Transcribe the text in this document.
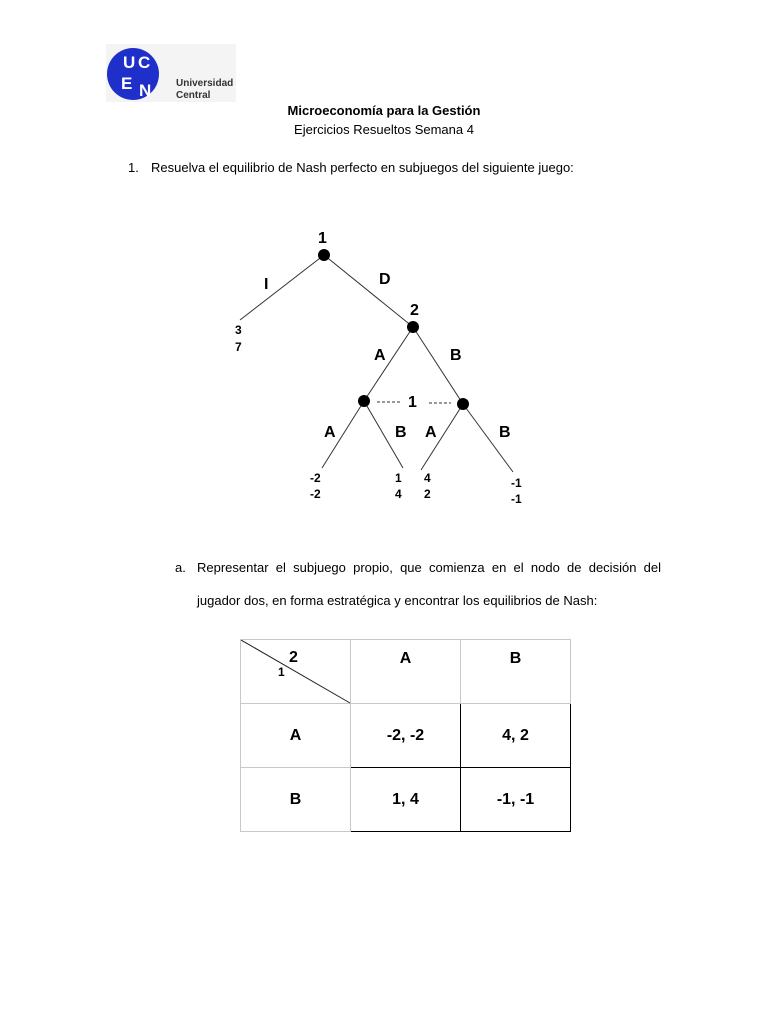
U C
E N Universidad
Central
Microeconomía para la Gestión
Ejercicios Resueltos Semana 4
1. Resuelva el equilibrio de Nash perfecto en subjuegos del siguiente juego:
1
I	D
3
7
2
A	B
1
A	B A	B
-2
-2
1
4
4
2
-1
-1
a. Representar el subjuego propio, que comienza en el nodo de decisión del
jugador dos, en forma estratégica y encontrar los equilibrios de Nash:
2
1	A	B
A	-2, -2	4, 2
B	1, 4	-1, -1
